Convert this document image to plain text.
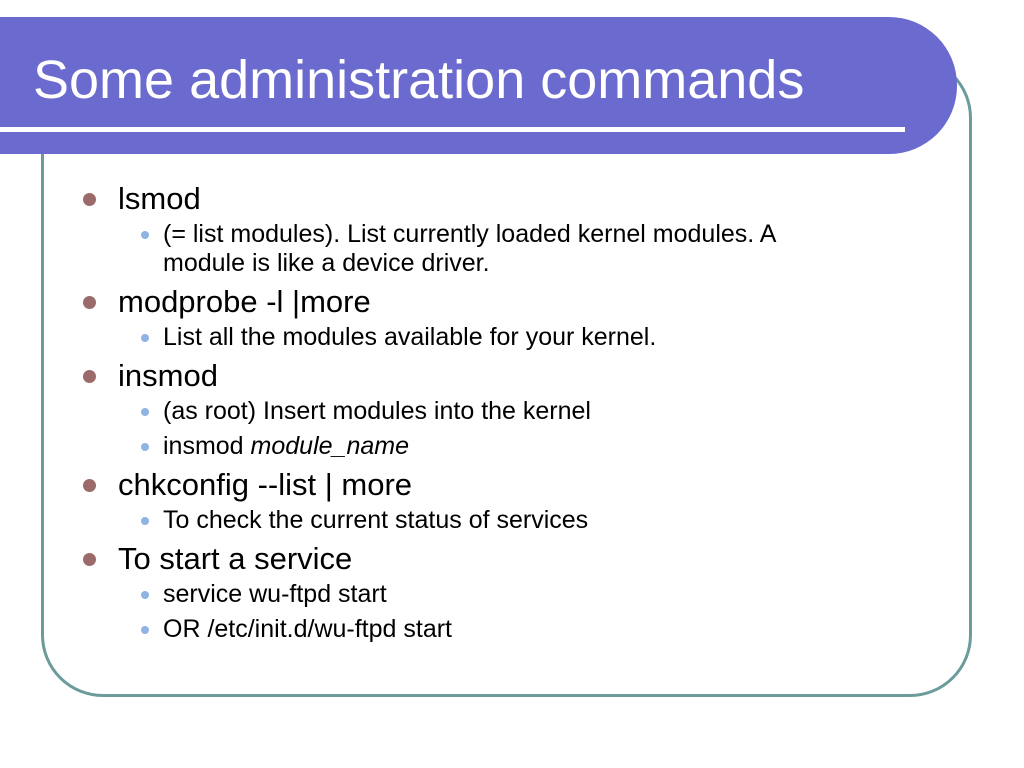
Some administration commands
lsmod
(= list modules). List currently loaded kernel modules. A module is like a device driver.
modprobe -l |more
List all the modules available for your kernel.
insmod
(as root) Insert modules into the kernel
insmod module_name
chkconfig --list | more
To check the current status of services
To start a service
service wu-ftpd start
OR /etc/init.d/wu-ftpd start
